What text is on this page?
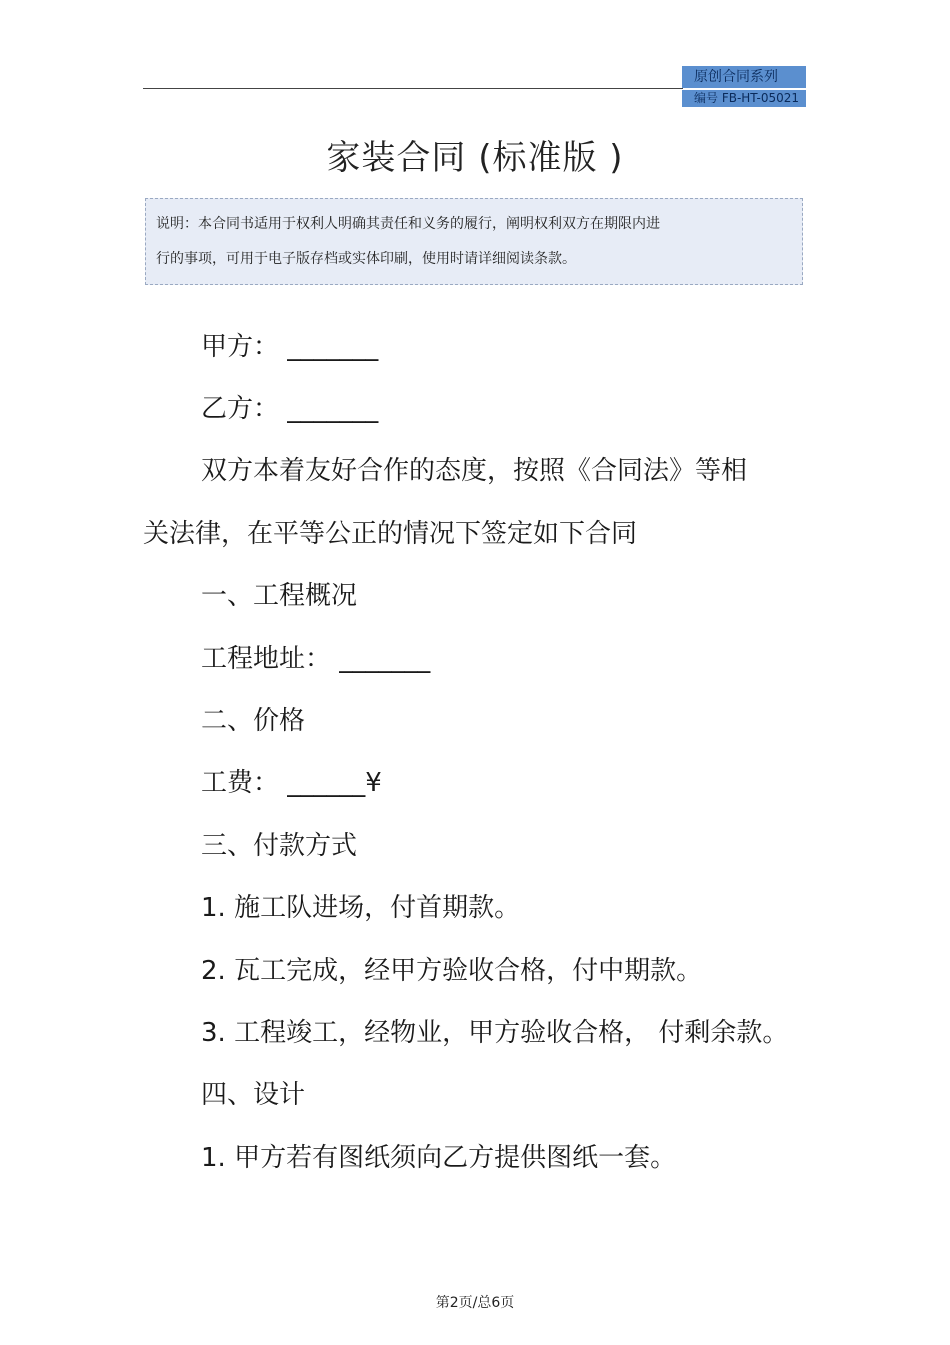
原创合同系列
编号 FB-HT-05021
家装合同 (标准版 )
说明：本合同书适用于权利人明确其责任和义务的履行，阐明权利双方在期限内进
行的事项，可用于电子版存档或实体印刷，使用时请详细阅读条款。
甲方： _______
乙方： _______
双方本着友好合作的态度，按照《合同法》等相
关法律，在平等公正的情况下签定如下合同
一、工程概况
工程地址： _______
二、价格
工费： ______¥
三、付款方式
1. 施工队进场，付首期款。
2. 瓦工完成，经甲方验收合格，付中期款。
3. 工程竣工，经物业，甲方验收合格， 付剩余款。
四、设计
1. 甲方若有图纸须向乙方提供图纸一套。
第2页/总6页
